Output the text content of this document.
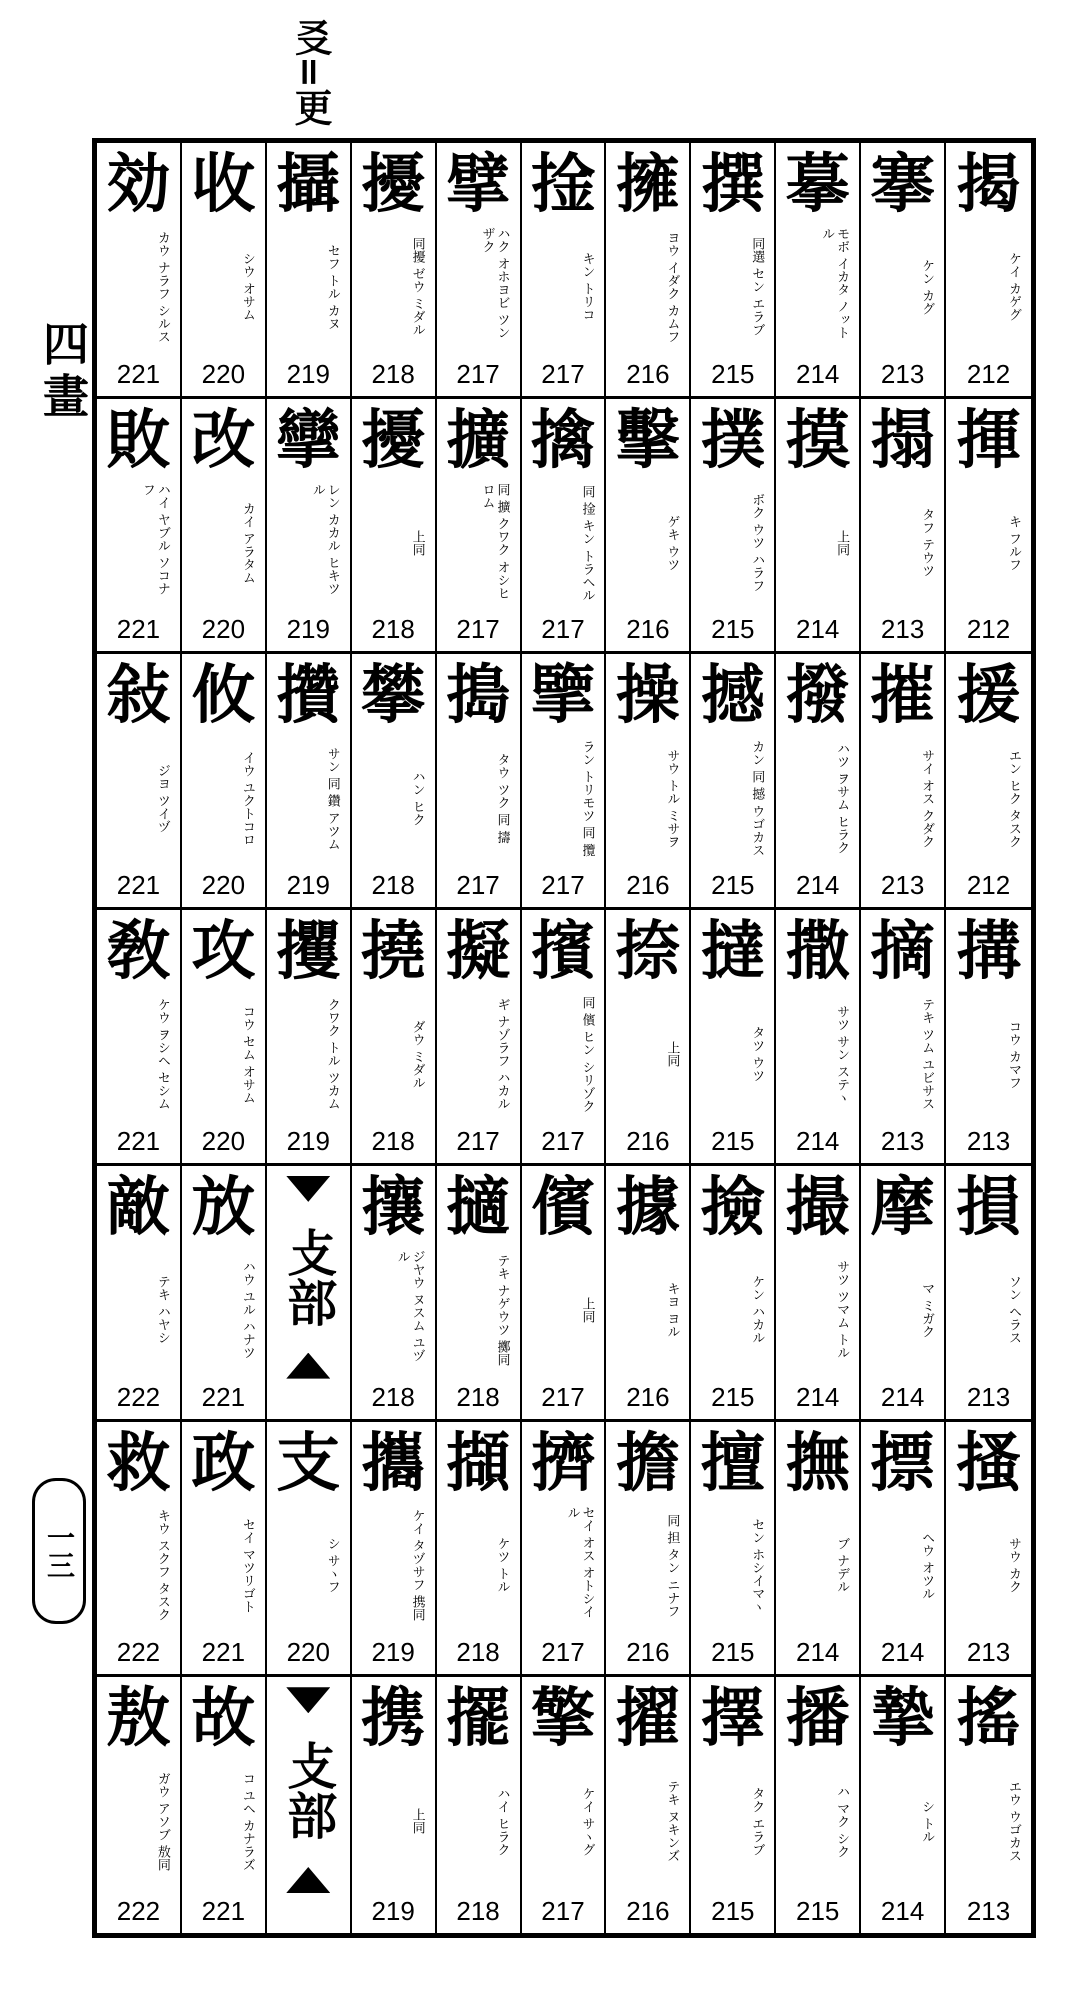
㕛=更
四
畫
一三
効
カウ ナラフ シルス
221
收
シウ オサム
220
攝
セフ トル カヌ
219
擾
同擾 ゼウ ミダル
218
擘
ハク オホヨビ ツンザク
217
捦
キン トリコ
217
擁
ヨウ イダク カムフ
216
撰
同選 セン エラブ
215
摹
モボ イカタ ノットル
214
搴
ケン カグ
213
揭
ケイ カゲグ
212
敗
ハイ ヤブル ソコナフ
221
改
カイ アラタム
220
攣
レン カカル ヒキツル
219
擾
上同
218
擴
同 擴 クワク オシヒロム
217
擒
同 捦 キン トラヘル
217
擊
ゲキ ウツ
216
撲
ボク ウツ ハラフ
215
摸
上同
214
搨
タフ テウツ
213
揮
キ フルフ
212
敍
ジヨ ツイヅ
221
攸
イウ ユクトコロ
220
攢
サン 同 鑽 アツム
219
攀
ハン ヒク
218
搗
タウ ツク 同 擣
217
擥
ラン トリモツ 同 攬
217
操
サウ トル ミサヲ
216
撼
カン 同 撼 ウゴカス
215
撥
ハツ ヲサム ヒラク
214
摧
サイ オス クダク
213
援
エン ヒク タスク
212
敎
ケウ ヲシヘ セシム
221
攻
コウ セム オサム
220
攫
クワク トル ツカム
219
撓
ダウ ミダル
218
擬
ギ ナゾラフ ハカル
217
擯
同 儐 ヒン シリゾク
217
捺
上同
216
撻
タツ ウツ
215
撒
サツ サン ステヽ
214
摘
テキ ツム ユビサス
213
搆
コウ カマフ
213
敵
テキ ハヤシ
222
放
ハウ ユル ハナツ
221
攴部
攘
ジヤウ ヌスム ユヅル
218
擿
テキ ナゲウツ 擲同
218
儐
上同
217
據
キヨ ヨル
216
撿
ケン ハカル
215
撮
サツ ツマム トル
214
摩
マ ミガク
214
損
ソン ヘラス
213
救
キウ スクフ タスク
222
政
セイ マツリゴト
221
支
シ サヽフ
220
攜
ケイ タヅサフ 携同
219
擷
ケツ トル
218
擠
セイ オス オトシイル
217
擔
同 担 タン ニナフ
216
擅
セン ホシイマヽ
215
撫
ブ ナデル
214
摽
ヘウ オツル
214
搔
サウ カク
213
敖
ガウ アソブ 敖同
222
故
コ ユヘ カナラズ
221
攴部
携
上同
219
擺
ハイ ヒラク
218
擎
ケイ サヽグ
217
擢
テキ ヌキンズ
216
擇
タク エラブ
215
播
ハ マク シク
215
摯
シ トル
214
搖
エウ ウゴカス
213
